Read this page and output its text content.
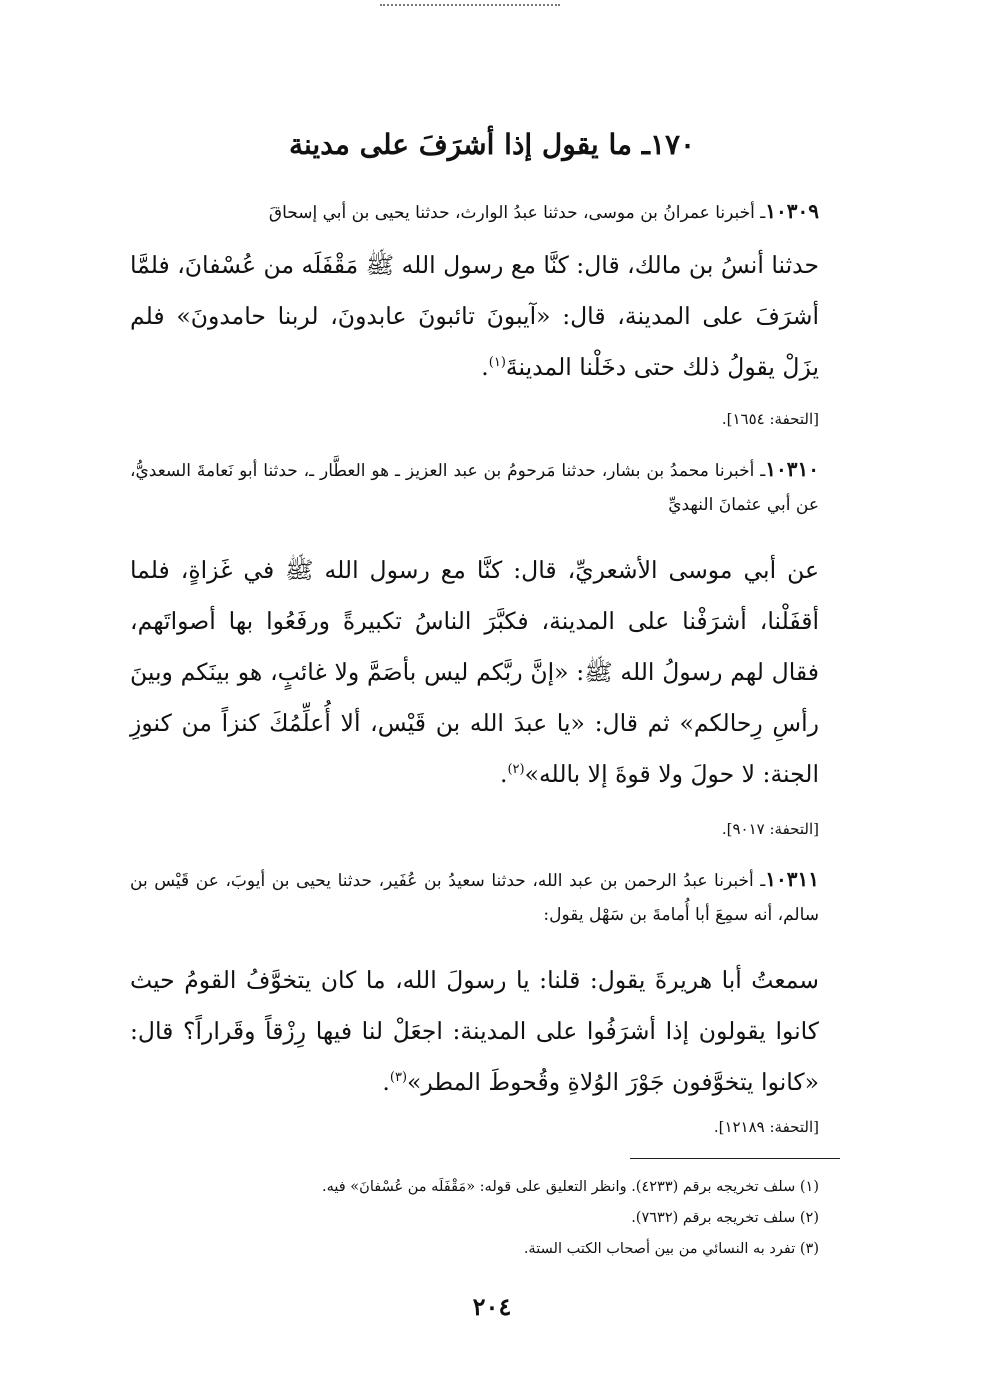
١٧٠ـ ما يقول إذا أشرَفَ على مدينة
١٠٣٠٩ـ أخبرنا عمرانُ بن موسى، حدثنا عبدُ الوارث، حدثنا يحيى بن أبي إسحاقَ
حدثنا أنسُ بن مالك، قال: كنَّا مع رسول الله ﷺ مَقْفَلَه من عُسْفانَ، فلمَّا أشرَفَ على المدينة، قال: «آيبونَ تائبونَ عابدونَ، لربنا حامدونَ» فلم يزَلْ يقولُ ذلك حتى دخَلْنا المدينةَ$^{(١)}$.
[التحفة: ١٦٥٤].
١٠٣١٠ـ أخبرنا محمدُ بن بشار، حدثنا مَرحومُ بن عبد العزيز ـ هو العطَّار ـ، حدثنا أبو نَعامةَ السعديُّ، عن أبي عثمانَ النهديِّ
عن أبي موسى الأشعريِّ، قال: كنَّا مع رسول الله ﷺ في غَزاةٍ، فلما أقفَلْنا، أشرَفْنا على المدينة، فكبَّرَ الناسُ تكبيرةً ورفَعُوا بها أصواتَهم، فقال لهم رسولُ الله ﷺ: «إنَّ ربَّكم ليس بأصَمَّ ولا غائبٍ، هو بينَكم وبينَ رأسِ رِحالكم» ثم قال: «يا عبدَ الله بن قَيْس، ألا أُعلِّمُكَ كنزاً من كنوزِ الجنة: لا حولَ ولا قوةَ إلا بالله»$^{(٢)}$.
[التحفة: ٩٠١٧].
١٠٣١١ـ أخبرنا عبدُ الرحمن بن عبد الله، حدثنا سعيدُ بن عُفَير، حدثنا يحيى بن أيوبَ، عن قَيْس بن سالم، أنه سمِعَ أبا أُمامةَ بن سَهْل يقول:
سمعتُ أبا هريرةَ يقول: قلنا: يا رسولَ الله، ما كان يتخوَّفُ القومُ حيث كانوا يقولون إذا أشرَفُوا على المدينة: اجعَلْ لنا فيها رِزْقاً وقَراراً؟ قال: «كانوا يتخوَّفون جَوْرَ الوُلاةِ وقُحوطَ المطر»$^{(٣)}$.
[التحفة: ١٢١٨٩].
(١) سلف تخريجه برقم (٤٢٣٣). وانظر التعليق على قوله: «مَقْفَلَه من عُسْفانَ» فيه.
(٢) سلف تخريجه برقم (٧٦٣٢).
(٣) تفرد به النسائي من بين أصحاب الكتب الستة.
٢٠٤
